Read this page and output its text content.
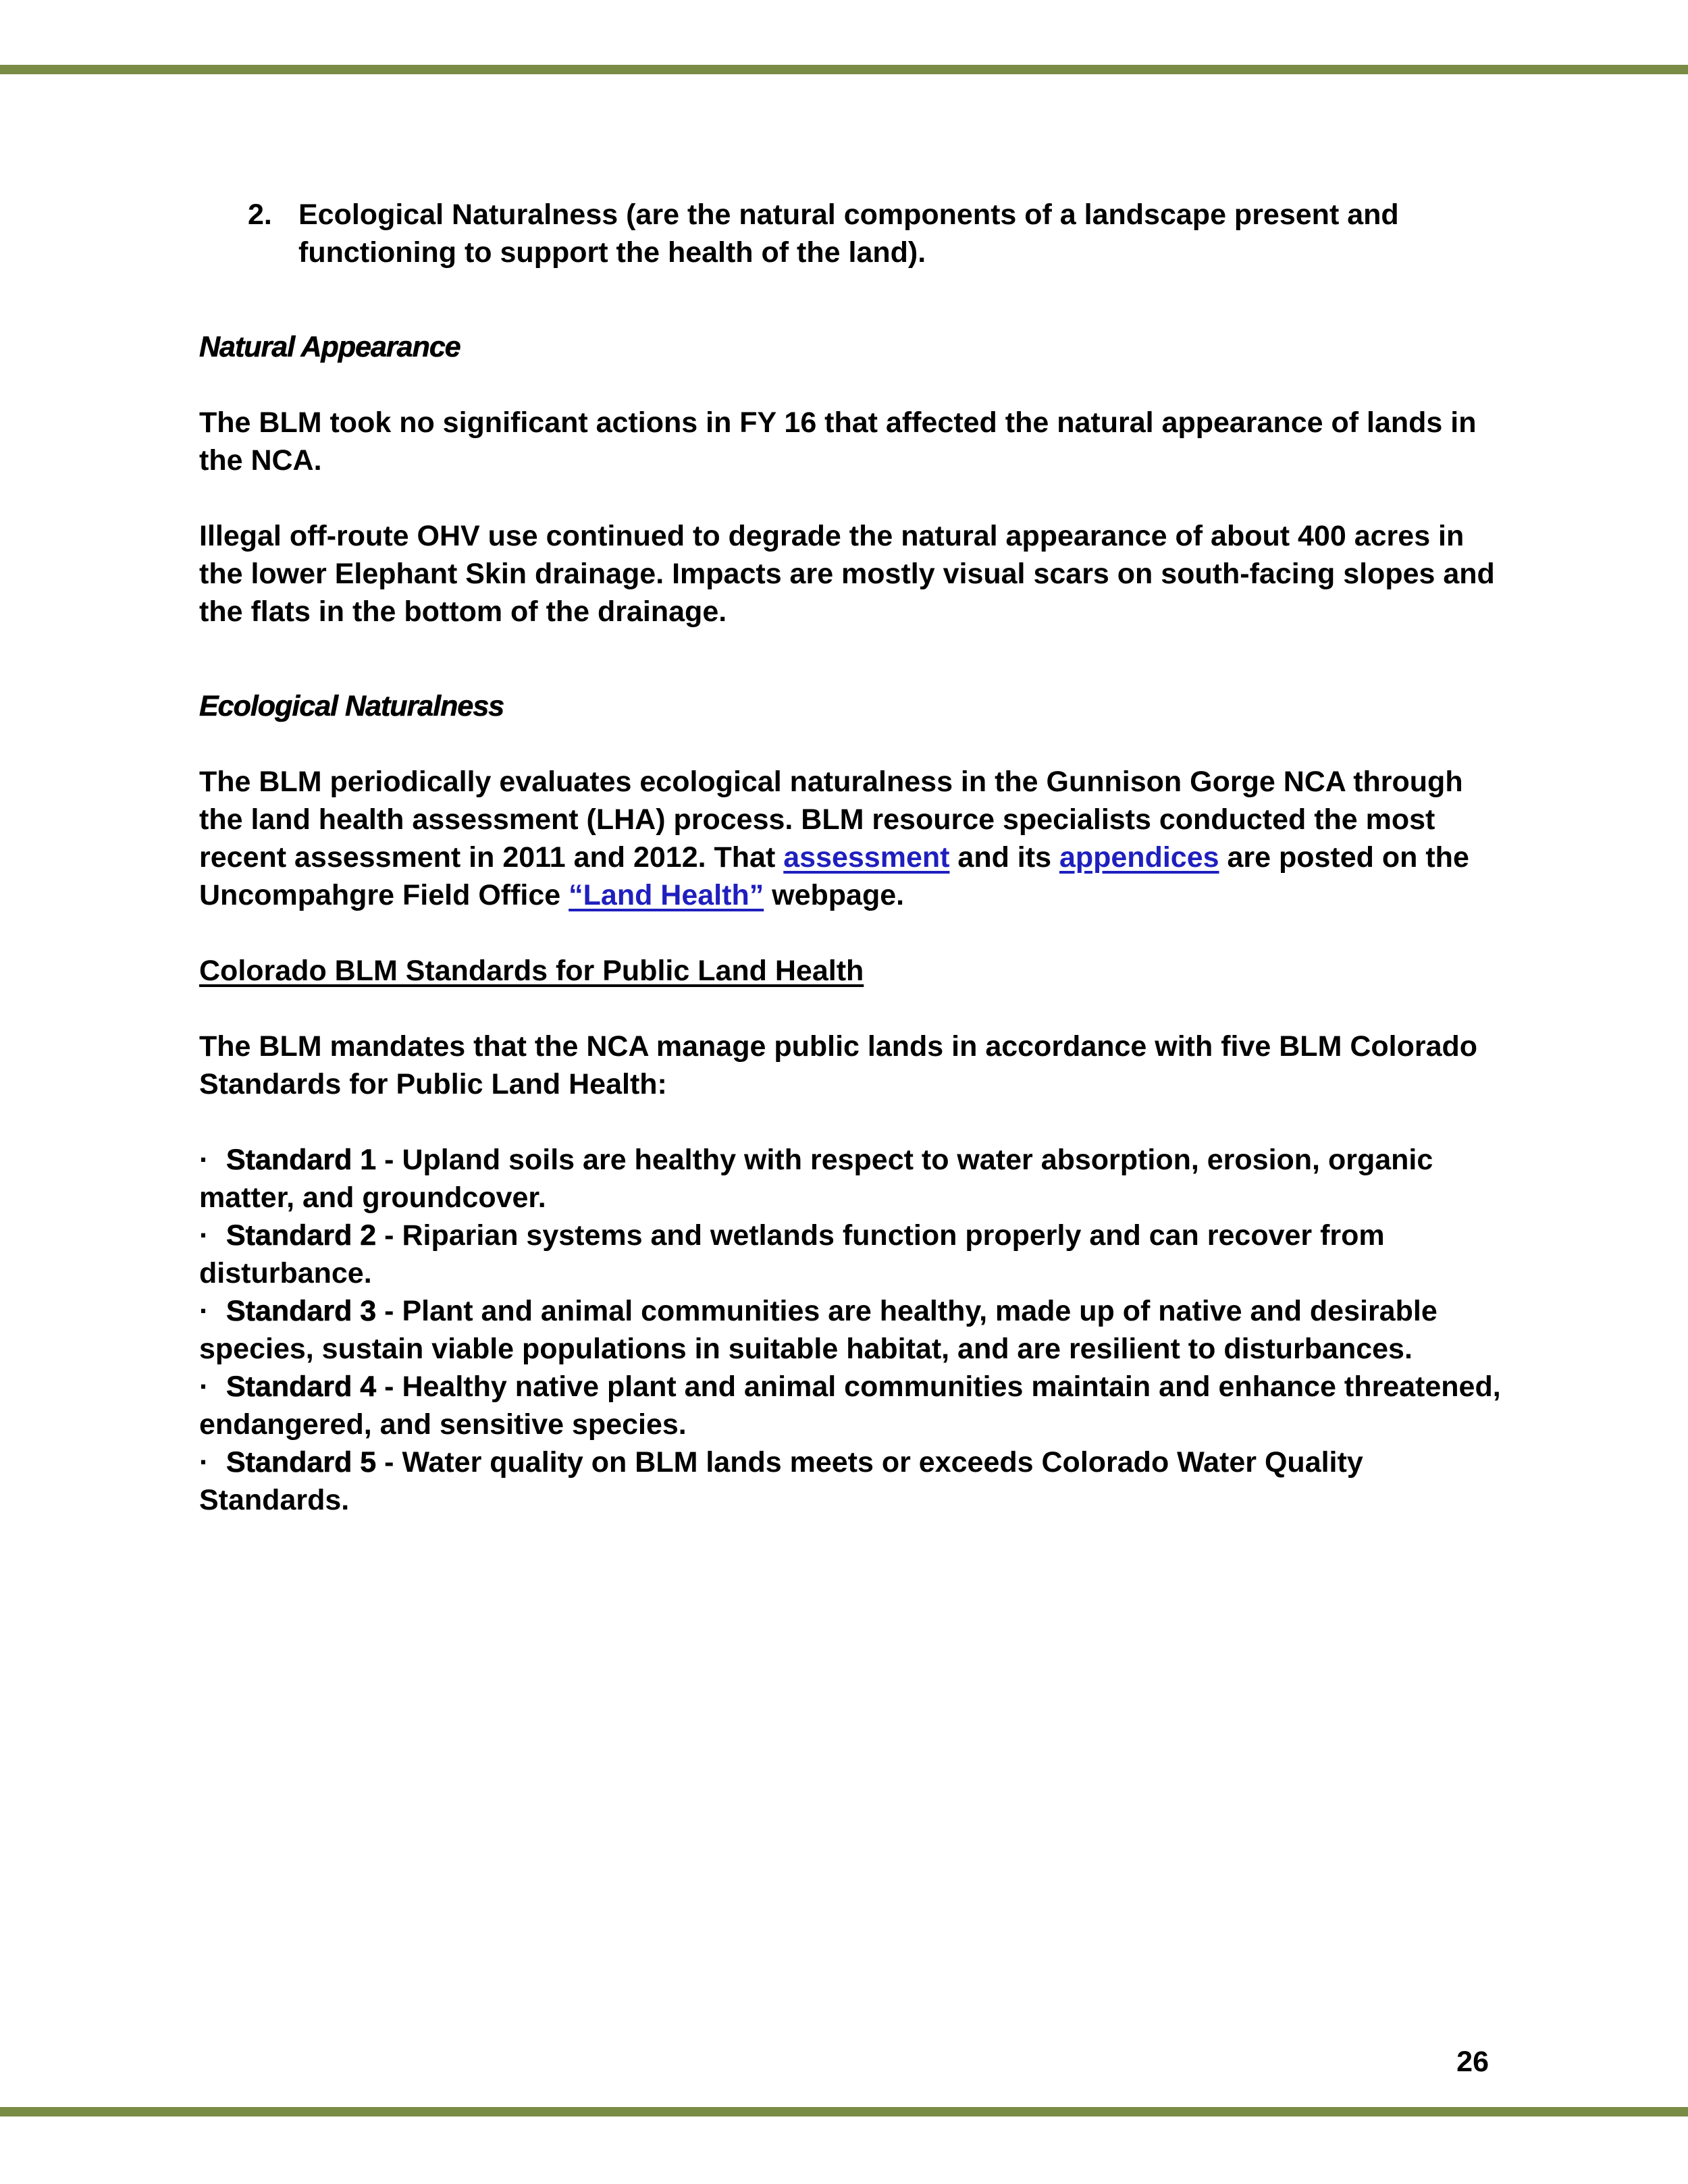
2. Ecological Naturalness (are the natural components of a landscape present and functioning to support the health of the land).

Natural Appearance

The BLM took no significant actions in FY 16 that affected the natural appearance of lands in the NCA.

Illegal off-route OHV use continued to degrade the natural appearance of about 400 acres in the lower Elephant Skin drainage. Impacts are mostly visual scars on south-facing slopes and the flats in the bottom of the drainage.

Ecological Naturalness

The BLM periodically evaluates ecological naturalness in the Gunnison Gorge NCA through the land health assessment (LHA) process. BLM resource specialists conducted the most recent assessment in 2011 and 2012. That assessment and its appendices are posted on the Uncompahgre Field Office “Land Health” webpage.

Colorado BLM Standards for Public Land Health

The BLM mandates that the NCA manage public lands in accordance with five BLM Colorado Standards for Public Land Health:

· Standard 1 - Upland soils are healthy with respect to water absorption, erosion, organic matter, and groundcover.

· Standard 2 - Riparian systems and wetlands function properly and can recover from disturbance.

· Standard 3 - Plant and animal communities are healthy, made up of native and desirable species, sustain viable populations in suitable habitat, and are resilient to disturbances.

· Standard 4 - Healthy native plant and animal communities maintain and enhance threatened, endangered, and sensitive species.

· Standard 5 - Water quality on BLM lands meets or exceeds Colorado Water Quality Standards.

26
